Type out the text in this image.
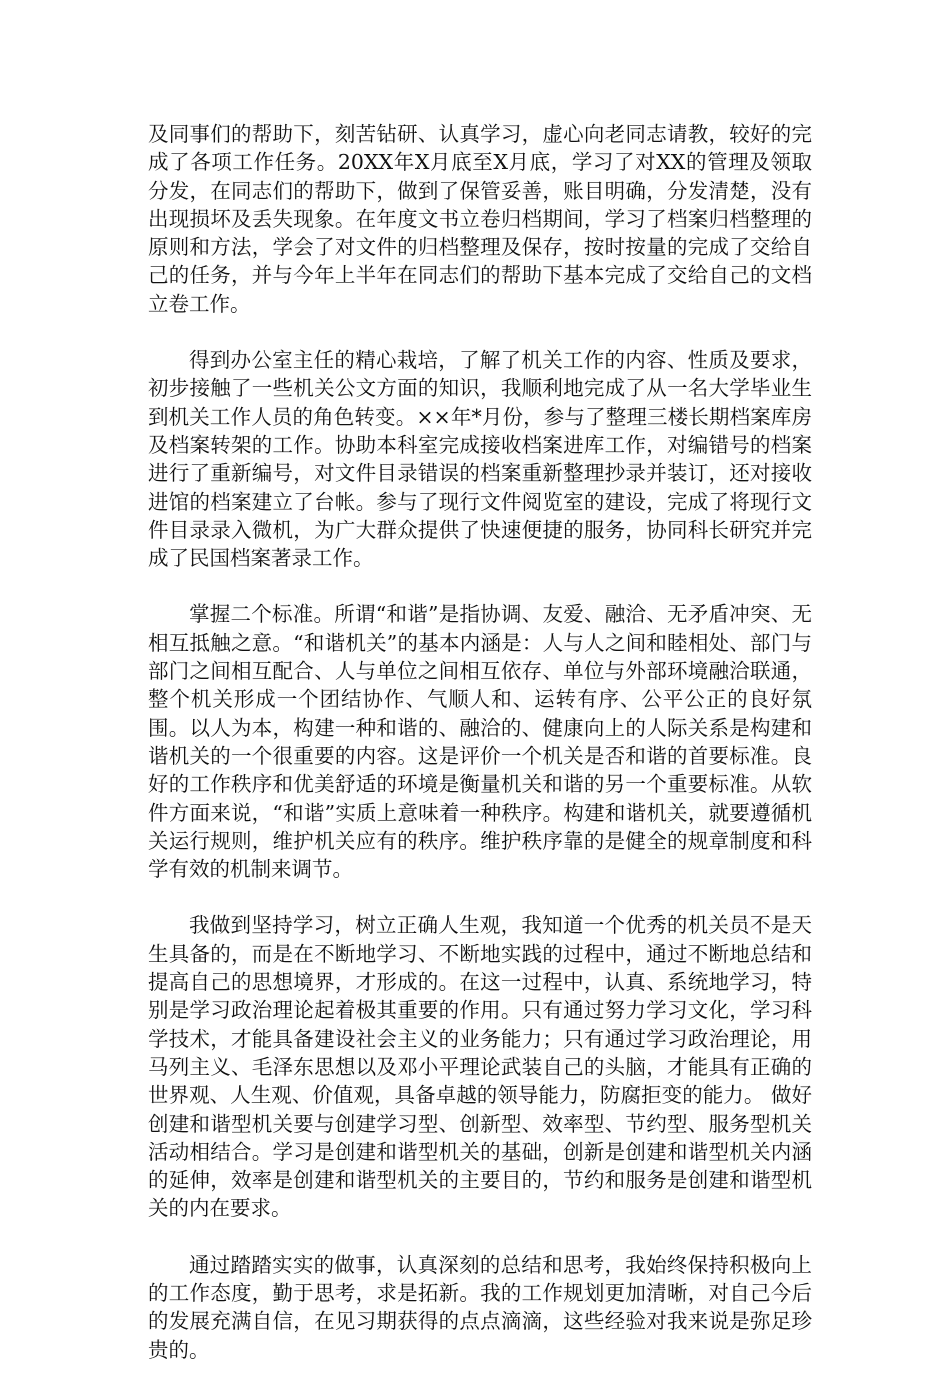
及同事们的帮助下，刻苦钻研、认真学习，虚心向老同志请教，较好的完成了各项工作任务。20XX年X月底至X月底，学习了对XX的管理及领取分发，在同志们的帮助下，做到了保管妥善，账目明确，分发清楚，没有出现损坏及丢失现象。在年度文书立卷归档期间，学习了档案归档整理的原则和方法，学会了对文件的归档整理及保存，按时按量的完成了交给自己的任务，并与今年上半年在同志们的帮助下基本完成了交给自己的文档立卷工作。

得到办公室主任的精心栽培，了解了机关工作的内容、性质及要求，初步接触了一些机关公文方面的知识，我顺利地完成了从一名大学毕业生到机关工作人员的角色转变。××年*月份，参与了整理三楼长期档案库房及档案转架的工作。协助本科室完成接收档案进库工作，对编错号的档案进行了重新编号，对文件目录错误的档案重新整理抄录并装订，还对接收进馆的档案建立了台帐。参与了现行文件阅览室的建设，完成了将现行文件目录录入微机，为广大群众提供了快速便捷的服务，协同科长研究并完成了民国档案著录工作。

掌握二个标准。所谓“和谐”是指协调、友爱、融洽、无矛盾冲突、无相互抵触之意。“和谐机关”的基本内涵是：人与人之间和睦相处、部门与部门之间相互配合、人与单位之间相互依存、单位与外部环境融洽联通，整个机关形成一个团结协作、气顺人和、运转有序、公平公正的良好氛围。以人为本，构建一种和谐的、融洽的、健康向上的人际关系是构建和谐机关的一个很重要的内容。这是评价一个机关是否和谐的首要标准。良好的工作秩序和优美舒适的环境是衡量机关和谐的另一个重要标准。从软件方面来说，“和谐”实质上意味着一种秩序。构建和谐机关，就要遵循机关运行规则，维护机关应有的秩序。维护秩序靠的是健全的规章制度和科学有效的机制来调节。

我做到坚持学习，树立正确人生观，我知道一个优秀的机关员不是天生具备的，而是在不断地学习、不断地实践的过程中，通过不断地总结和提高自己的思想境界，才形成的。在这一过程中，认真、系统地学习，特别是学习政治理论起着极其重要的作用。只有通过努力学习文化，学习科学技术，才能具备建设社会主义的业务能力；只有通过学习政治理论，用马列主义、毛泽东思想以及邓小平理论武装自己的头脑，才能具有正确的世界观、人生观、价值观，具备卓越的领导能力，防腐拒变的能力。 做好创建和谐型机关要与创建学习型、创新型、效率型、节约型、服务型机关活动相结合。学习是创建和谐型机关的基础，创新是创建和谐型机关内涵的延伸，效率是创建和谐型机关的主要目的，节约和服务是创建和谐型机关的内在要求。

通过踏踏实实的做事，认真深刻的总结和思考，我始终保持积极向上的工作态度，勤于思考，求是拓新。我的工作规划更加清晰，对自己今后的发展充满自信，在见习期获得的点点滴滴，这些经验对我来说是弥足珍贵的。
